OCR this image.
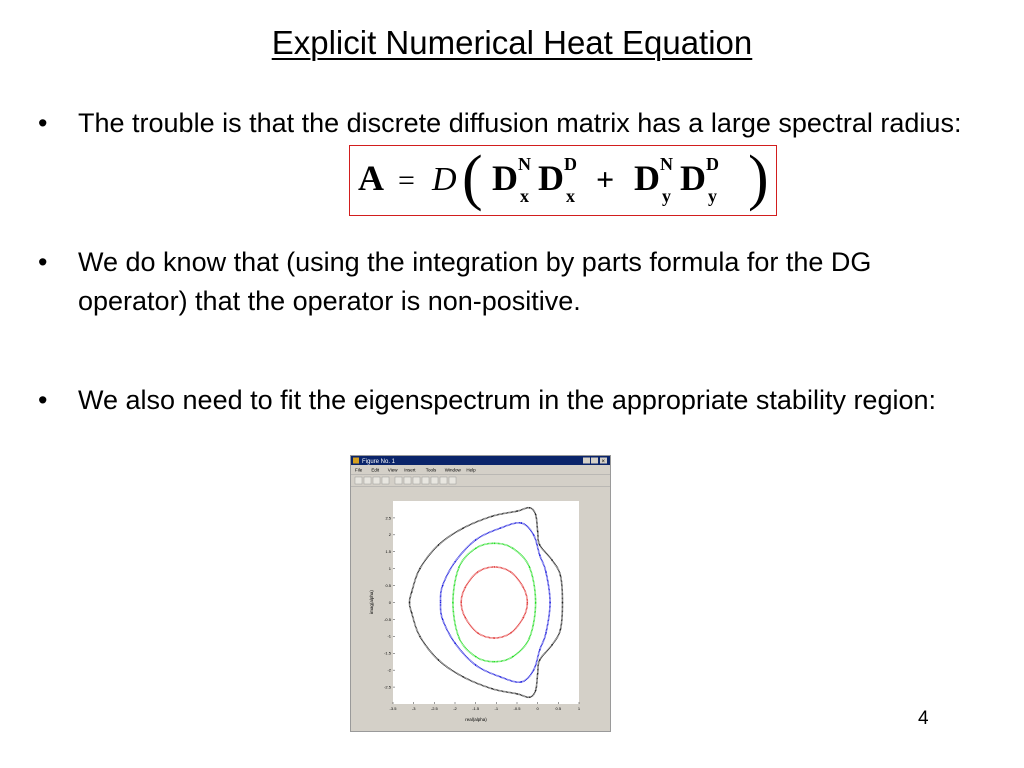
Explicit Numerical Heat Equation
• The trouble is that the discrete diffusion matrix has a large spectral radius:
A = D ( D N
x D D
x + D N
y D D
y )
• We do know that (using the integration by parts formula for the DG operator) that the operator is non-positive.
• We also need to fit the eigenspectrum in the appropriate stability region:
Figure No. 1	×
File Edit View Insert Tools Window Help
2.5
2
1.5
1
0.5
0
-0.5
-1
-1.5
-2
-2.5
-3.5	-3	-2.5	-2	-1.5	-1	-0.5	0	0.5	1
real(alpha)
imag(alpha)
4
